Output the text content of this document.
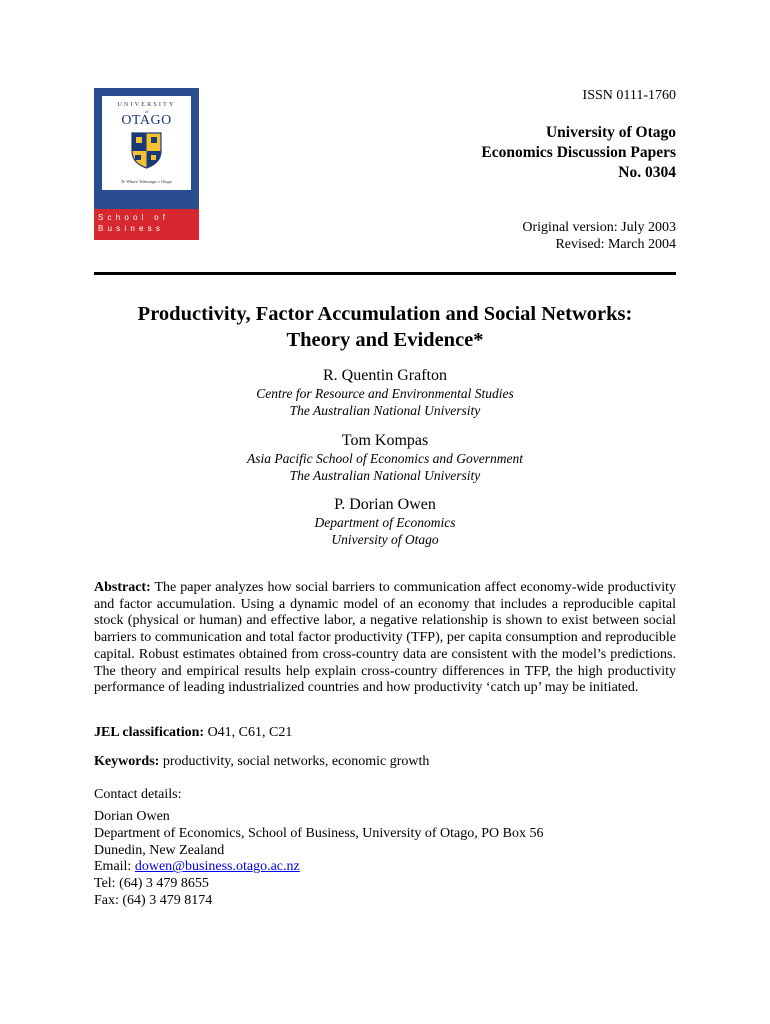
UNIVERSITY
of
OTAGO
Te Whare Wānanga o Otago
School of
Business
ISSN 0111-1760
University of Otago
Economics Discussion Papers
No. 0304
Original version: July 2003
Revised: March 2004
Productivity, Factor Accumulation and Social Networks:
Theory and Evidence*
R. Quentin Grafton
Centre for Resource and Environmental Studies
The Australian National University
Tom Kompas
Asia Pacific School of Economics and Government
The Australian National University
P. Dorian Owen
Department of Economics
University of Otago
Abstract: The paper analyzes how social barriers to communication affect economy-wide productivity and factor accumulation. Using a dynamic model of an economy that includes a reproducible capital stock (physical or human) and effective labor, a negative relationship is shown to exist between social barriers to communication and total factor productivity (TFP), per capita consumption and reproducible capital. Robust estimates obtained from cross-country data are consistent with the model’s predictions. The theory and empirical results help explain cross-country differences in TFP, the high productivity performance of leading industrialized countries and how productivity ‘catch up’ may be initiated.
JEL classification: O41, C61, C21
Keywords: productivity, social networks, economic growth
Contact details:
Dorian Owen
Department of Economics, School of Business, University of Otago, PO Box 56
Dunedin, New Zealand
Email: dowen@business.otago.ac.nz
Tel: (64) 3 479 8655
Fax: (64) 3 479 8174
